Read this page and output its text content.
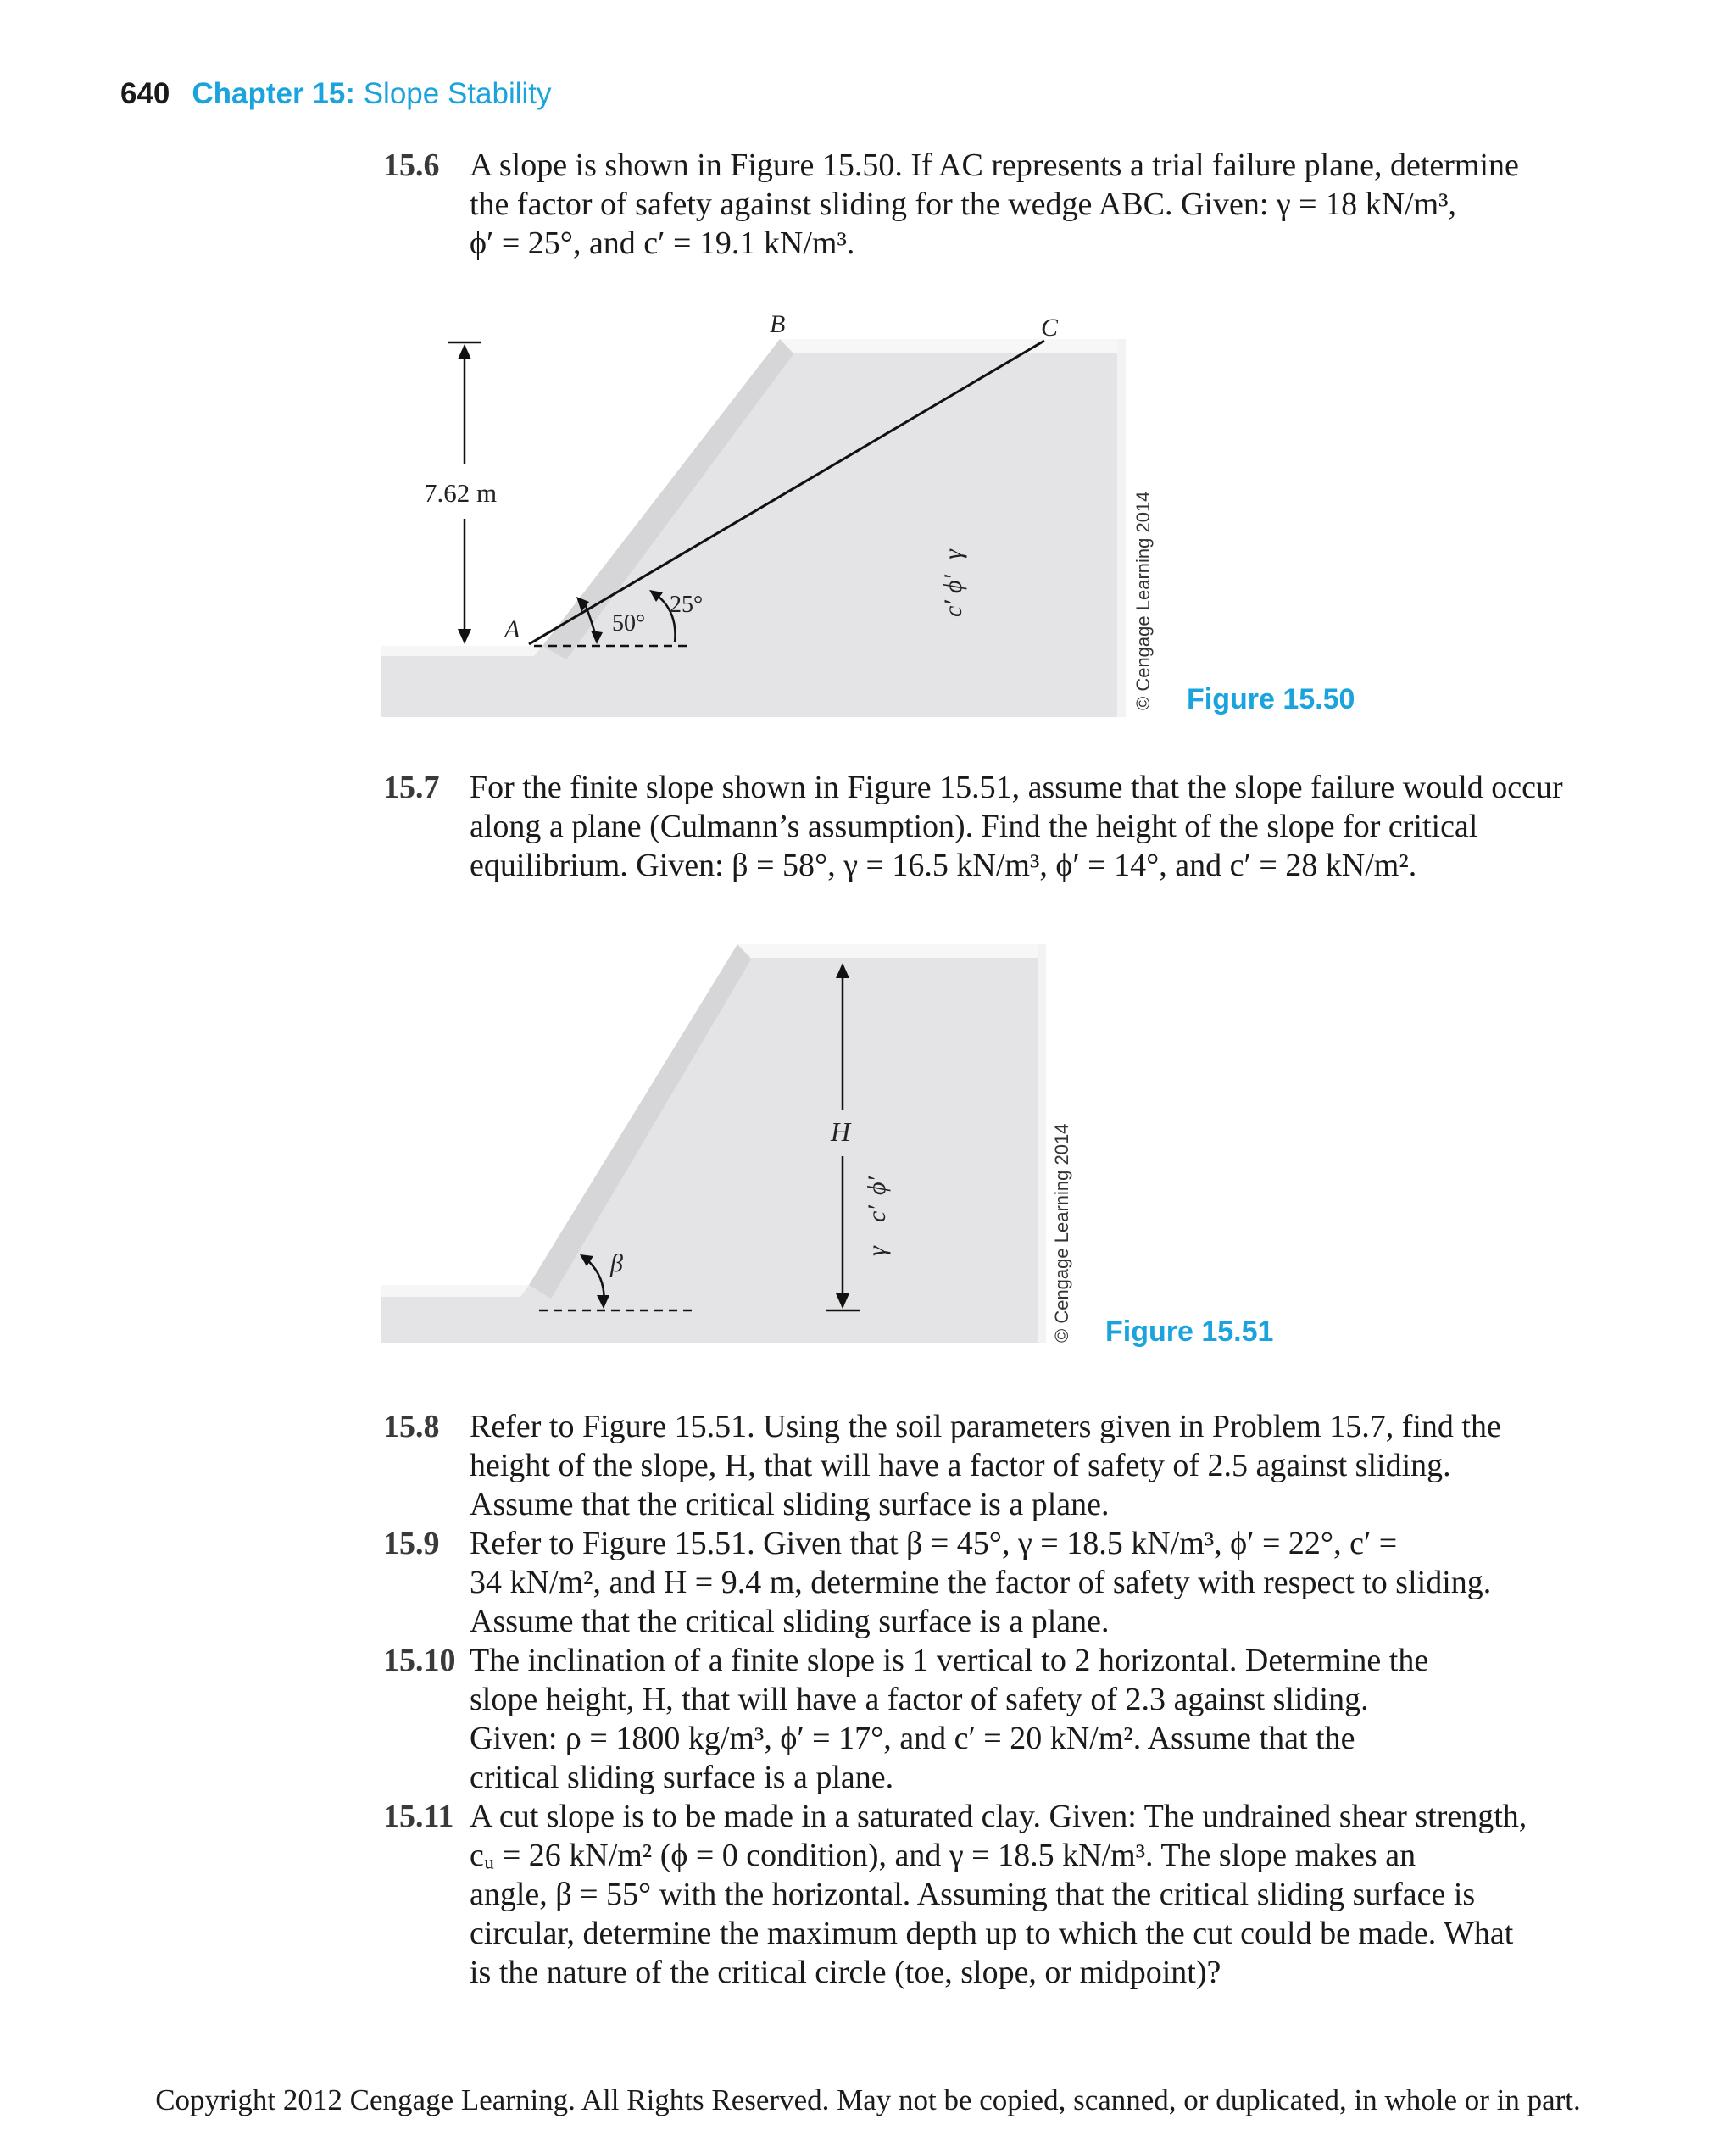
640 Chapter 15: Slope Stability
15.6 A slope is shown in Figure 15.50. If AC represents a trial failure plane, determine
the factor of safety against sliding for the wedge ABC. Given: γ = 18 kN/m³,
ϕ′ = 25°, and c′ = 19.1 kN/m³.
7.62 m
50°
25°
A
B	C
γ
ϕ′
c′	© Cengage Learning 2014 Figure 15.50
15.7 For the finite slope shown in Figure 15.51, assume that the slope failure would occur
along a plane (Culmann’s assumption). Find the height of the slope for critical
equilibrium. Given: β = 58°, γ = 16.5 kN/m³, ϕ′ = 14°, and c′ = 28 kN/m².
β
H
ϕ′
c′
γ	© Cengage Learning 2014 Figure 15.51
15.8 Refer to Figure 15.51. Using the soil parameters given in Problem 15.7, find the
height of the slope, H, that will have a factor of safety of 2.5 against sliding.
Assume that the critical sliding surface is a plane.
15.9 Refer to Figure 15.51. Given that β = 45°, γ = 18.5 kN/m³, ϕ′ = 22°, c′ =
34 kN/m², and H = 9.4 m, determine the factor of safety with respect to sliding.
Assume that the critical sliding surface is a plane.
15.10 The inclination of a finite slope is 1 vertical to 2 horizontal. Determine the
slope height, H, that will have a factor of safety of 2.3 against sliding.
Given: ρ = 1800 kg/m³, ϕ′ = 17°, and c′ = 20 kN/m². Assume that the
critical sliding surface is a plane.
15.11 A cut slope is to be made in a saturated clay. Given: The undrained shear strength,
cᵤ = 26 kN/m² (ϕ = 0 condition), and γ = 18.5 kN/m³. The slope makes an
angle, β = 55° with the horizontal. Assuming that the critical sliding surface is
circular, determine the maximum depth up to which the cut could be made. What
is the nature of the critical circle (toe, slope, or midpoint)?
Copyright 2012 Cengage Learning. All Rights Reserved. May not be copied, scanned, or duplicated, in whole or in part.
